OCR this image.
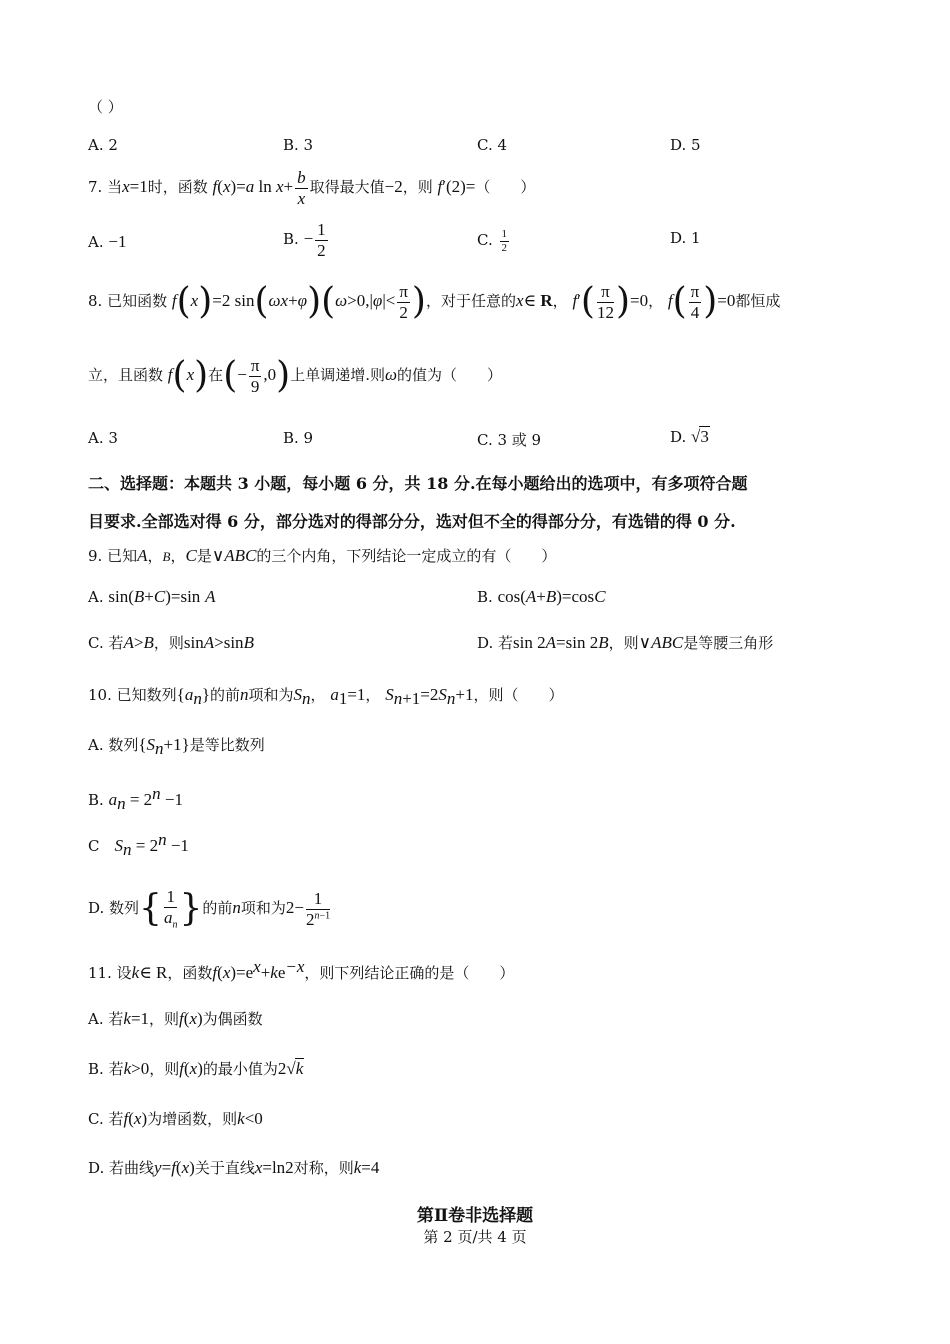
（ ）
A. 2	B. 3	C. 4	D. 5
7. 当x=1时，函数 f(x)=a $\ln x+ \frac{b}{x}$ 取得最大值−2，则 f′(2)=（　　）
A. −1	B. − $\frac{1}{2}$	C. $\frac{1}{2}$	D. 1
8. 已知函数 f(x)=2 $\sin(\omega x+\varphi)(\omega>0,|\varphi|< \frac{\pi}{2}$ )，对于任意的x∈ R， $f'( \frac{\pi}{12} )=0$， $f( \frac{\pi}{4} )=0$都恒成
立，且函数 f(x)在(− $\frac{\pi}{9} ,0$)上单调递增.则ω的值为（　　）
A. 3	B. 9	C. 3 或 9	D. √3
二、选择题：本题共 3 小题，每小题 6 分，共 18 分.在每小题给出的选项中，有多项符合题
目要求.全部选对得 6 分，部分选对的得部分分，选对但不全的得部分分，有选错的得 0 分.
9. 已知A，B，C是∨ABC的三个内角，下列结论一定成立的有（　　）
A. sin(B+C)=sin A	B. cos(A+B)=cosC
C. 若A>B，则sinA>sinB	D. 若sin 2A=sin 2B，则∨ABC是等腰三角形
10. 已知数列$\{a_n\}$的前n项和为$S_n$， $a_1=1$， $S_{n+1}=2S_n+1$，则（　　）
A. 数列$\{S_n+1\}$是等比数列
B. $a_n = 2^n -1$
C　$S_n = 2^n -1$
D. 数列{ $\frac{1}{a_n}$ }的前n项和为$2- \frac{1}{2^{n-1}}$
11. 设k∈ R，函数$f(x)=e^x+ke^{-x}$，则下列结论正确的是（　　）
A. 若k=1，则f(x)为偶函数
B. 若k>0，则f(x)的最小值为2√k
C. 若f(x)为增函数，则k<0
D. 若曲线y=f(x)关于直线x=ln2对称，则k=4
第Ⅱ卷非选择题
第 2 页/共 4 页
